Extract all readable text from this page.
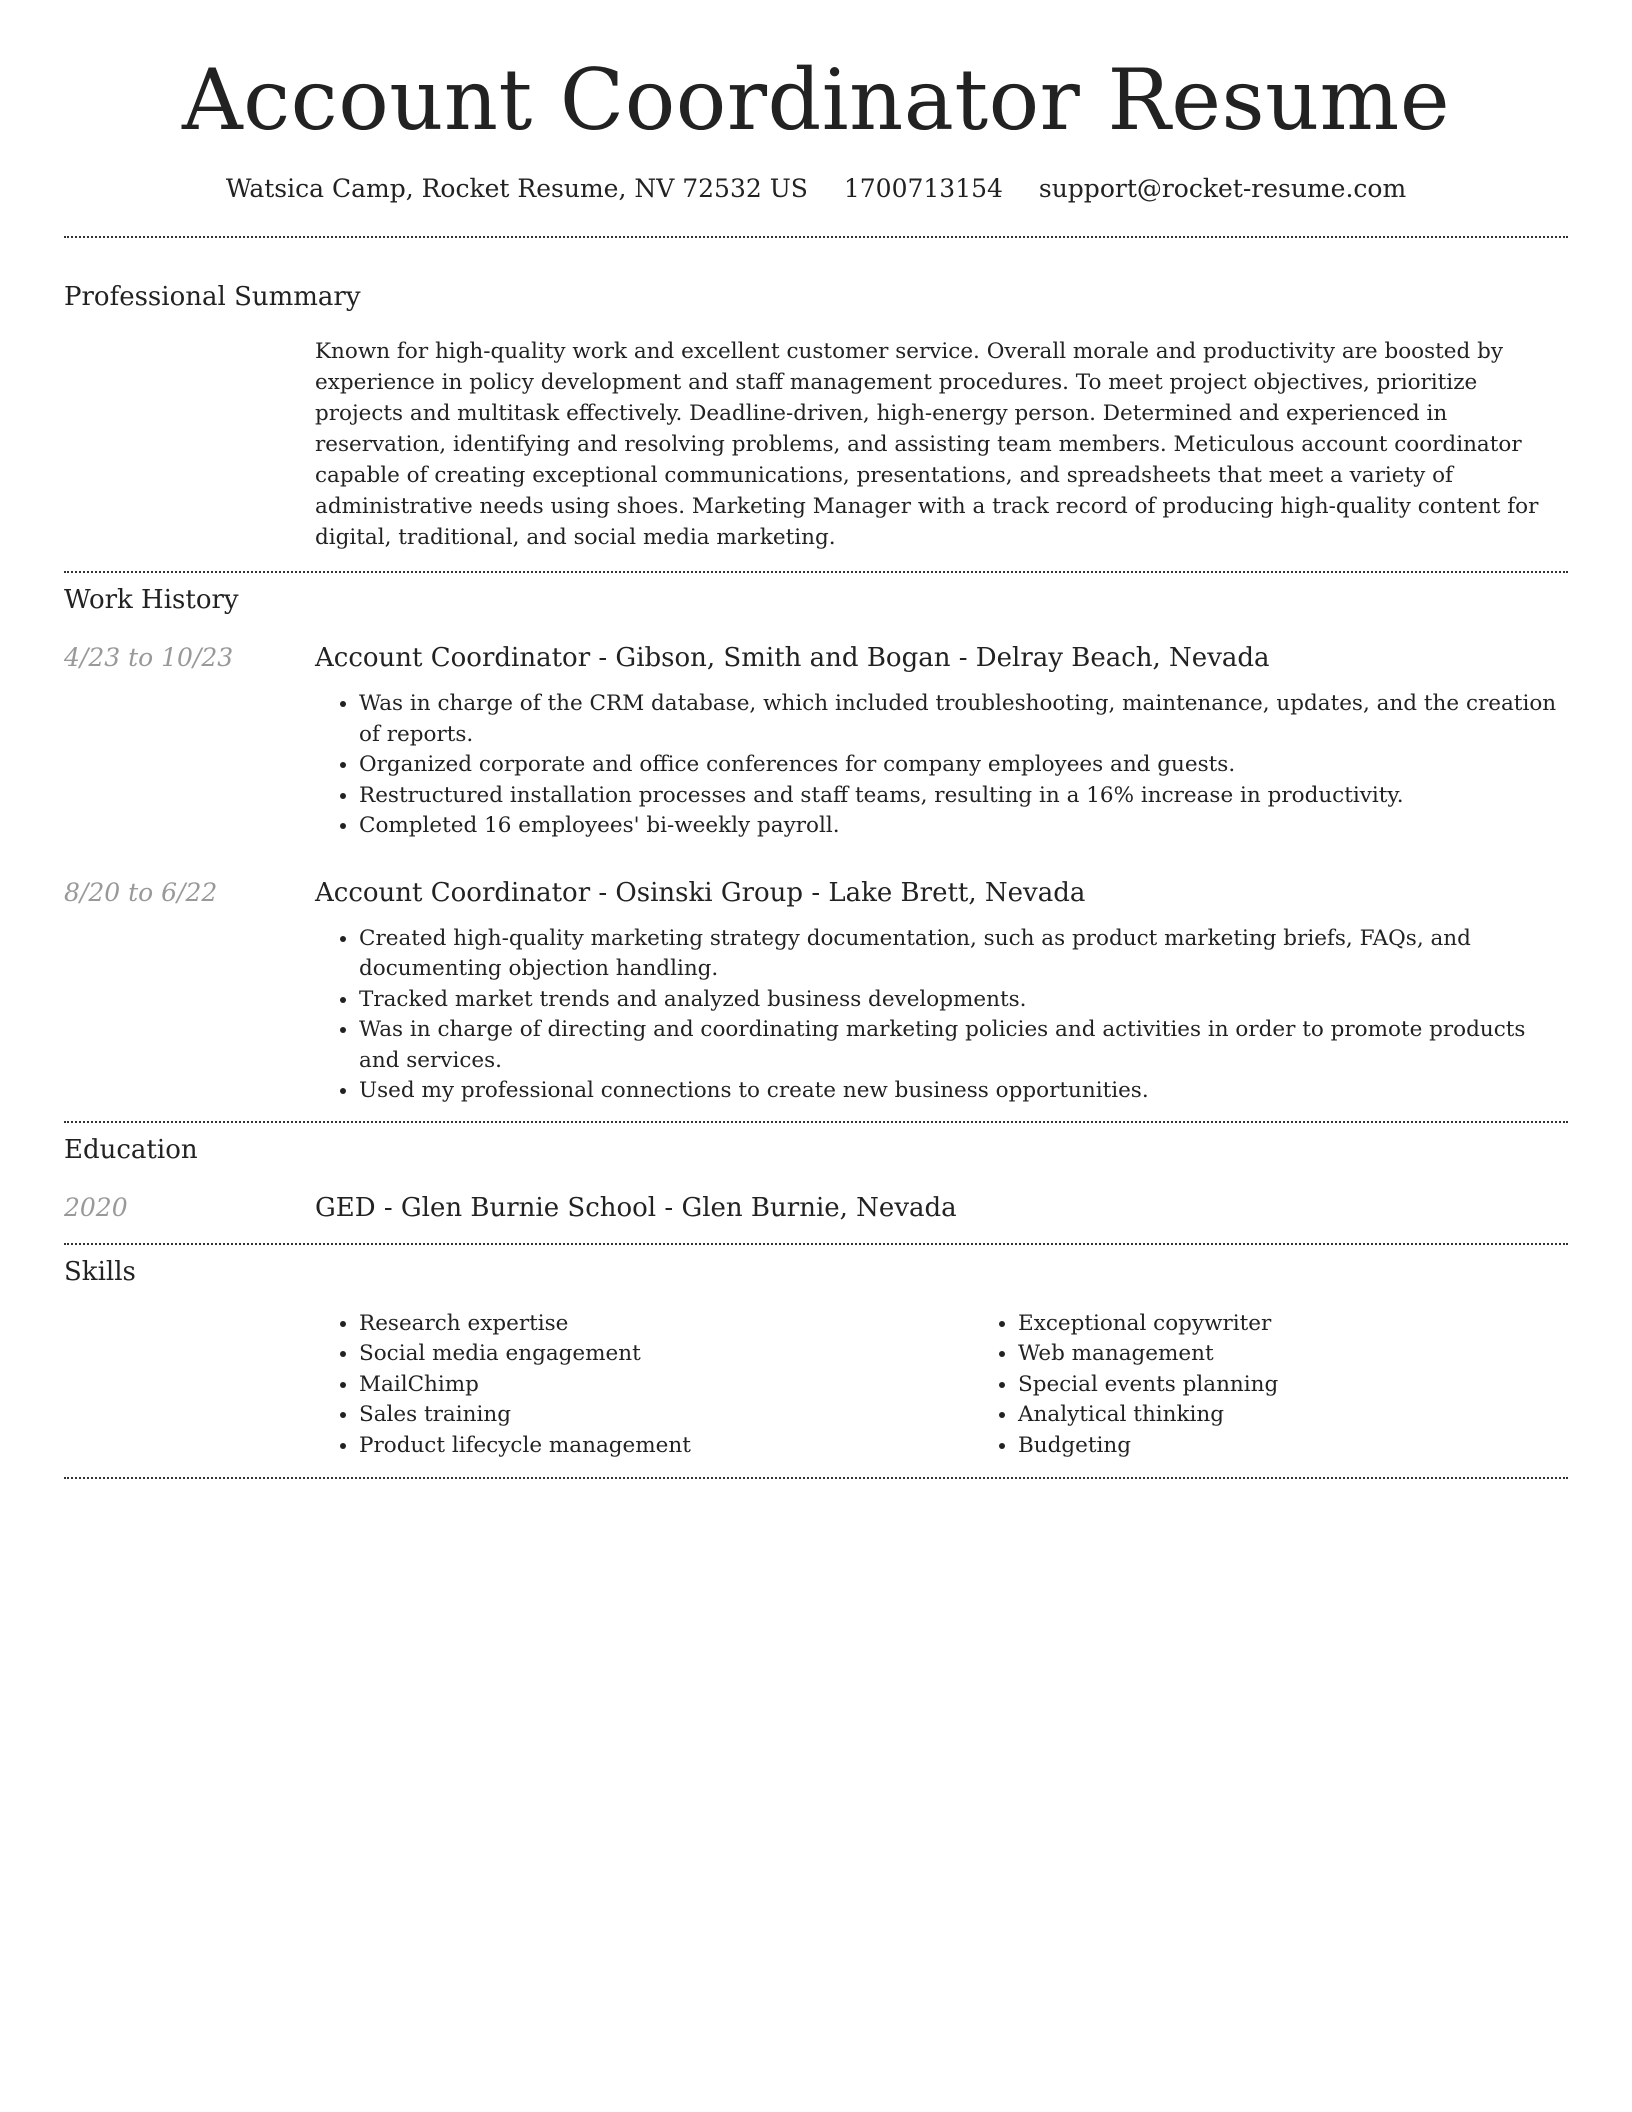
Account Coordinator Resume
Watsica Camp, Rocket Resume, NV 72532 US 1700713154 support@rocket-resume.com
Professional Summary

Known for high-quality work and excellent customer service. Overall morale and productivity are boosted by experience in policy development and staff management procedures. To meet project objectives, prioritize projects and multitask effectively. Deadline-driven, high-energy person. Determined and experienced in reservation, identifying and resolving problems, and assisting team members. Meticulous account coordinator capable of creating exceptional communications, presentations, and spreadsheets that meet a variety of administrative needs using shoes. Marketing Manager with a track record of producing high-quality content for digital, traditional, and social media marketing.

Work History
4/23 to 10/23	Account Coordinator - Gibson, Smith and Bogan - Delray Beach, Nevada
• Was in charge of the CRM database, which included troubleshooting, maintenance, updates, and the creation of reports.
• Organized corporate and office conferences for company employees and guests.
• Restructured installation processes and staff teams, resulting in a 16% increase in productivity.
• Completed 16 employees' bi-weekly payroll.
8/20 to 6/22	Account Coordinator - Osinski Group - Lake Brett, Nevada
• Created high-quality marketing strategy documentation, such as product marketing briefs, FAQs, and documenting objection handling.
• Tracked market trends and analyzed business developments.
• Was in charge of directing and coordinating marketing policies and activities in order to promote products and services.
• Used my professional connections to create new business opportunities.
Education
2020	GED - Glen Burnie School - Glen Burnie, Nevada
Skills
• Research expertise
• Social media engagement
• MailChimp
• Sales training
• Product lifecycle management
• Exceptional copywriter
• Web management
• Special events planning
• Analytical thinking
• Budgeting
